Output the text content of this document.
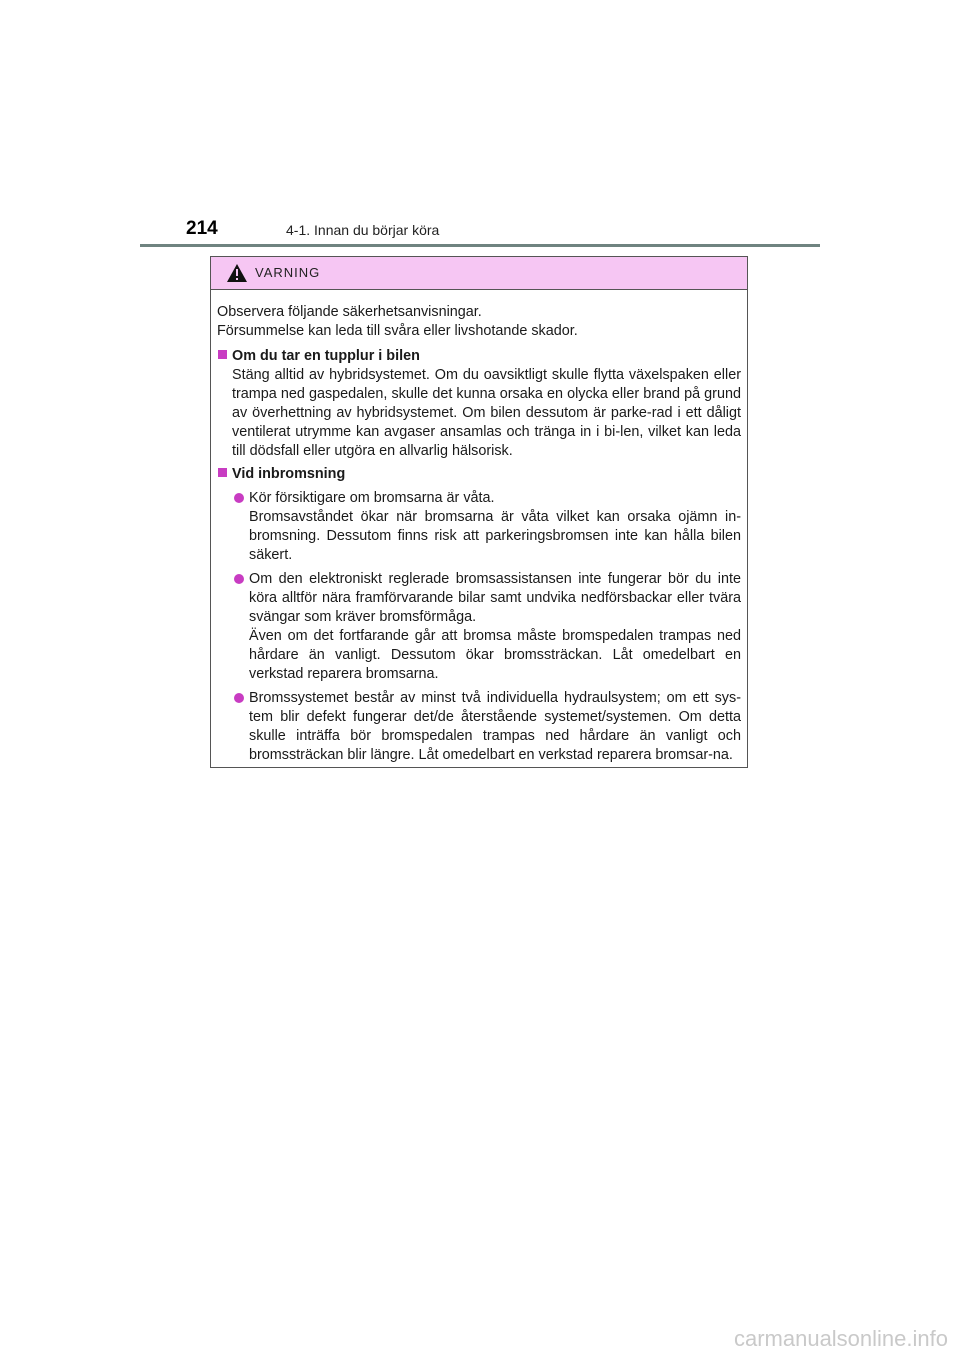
214	4-1. Innan du börjar köra
VARNING

Observera följande säkerhetsanvisningar.

Försummelse kan leda till svåra eller livshotande skador.

Om du tar en tupplur i bilen

Stäng alltid av hybridsystemet. Om du oavsiktligt skulle flytta växelspaken eller trampa ned gaspedalen, skulle det kunna orsaka en olycka eller brand på grund av överhettning av hybridsystemet. Om bilen dessutom är parke-rad i ett dåligt ventilerat utrymme kan avgaser ansamlas och tränga in i bi-len, vilket kan leda till dödsfall eller utgöra en allvarlig hälsorisk.

Vid inbromsning

Kör försiktigare om bromsarna är våta.

Bromsavståndet ökar när bromsarna är våta vilket kan orsaka ojämn in-bromsning. Dessutom finns risk att parkeringsbromsen inte kan hålla bilen säkert.

Om den elektroniskt reglerade bromsassistansen inte fungerar bör du inte köra alltför nära framförvarande bilar samt undvika nedförsbackar eller tvära svängar som kräver bromsförmåga.

Även om det fortfarande går att bromsa måste bromspedalen trampas ned hårdare än vanligt. Dessutom ökar bromssträckan. Låt omedelbart en verkstad reparera bromsarna.

Bromssystemet består av minst två individuella hydraulsystem; om ett sys-tem blir defekt fungerar det/de återstående systemet/systemen. Om detta skulle inträffa bör bromspedalen trampas ned hårdare än vanligt och bromssträckan blir längre. Låt omedelbart en verkstad reparera bromsar-na.

carmanualsonline.info
